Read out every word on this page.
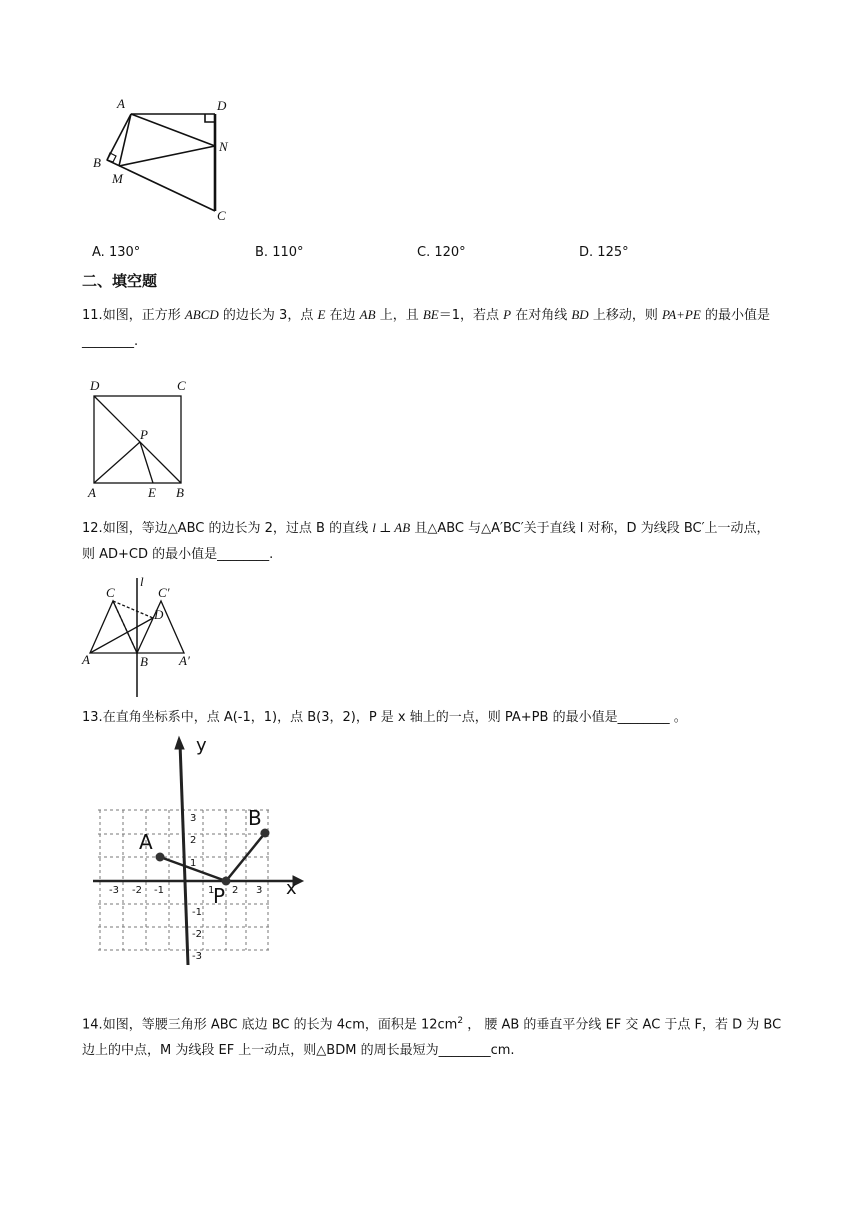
A	D
B
M
N
C
A. 130°	B. 110°	C. 120°	D. 125°
二、填空题
11.如图，正方形 ABCD 的边长为 3，点 E 在边 AB 上，且 BE＝1，若点 P 在对角线 BD 上移动，则 PA+PE 的最小值是________.
D	C
P
A	E B
12.如图，等边△ABC 的边长为 2，过点 B 的直线 l ⊥ AB 且△ABC 与△A′BC′关于直线 l 对称，D 为线段 BC′上一动点，则 AD+CD 的最小值是________.
l
C	C′
D
A	B A′
13.在直角坐标系中，点 A(-1，1)，点 B(3，2)，P 是 x 轴上的一点，则 PA+PB 的最小值是________ 。
y
x
A
B
P
-3 -2 -1	1 2 3
3
2
1
-1
-2
-3
14.如图，等腰三角形 ABC 底边 BC 的长为 4cm，面积是 $12cm^2$ ， 腰 AB 的垂直平分线 EF 交 AC 于点 F，若 D 为 BC 边上的中点，M 为线段 EF 上一动点，则△BDM 的周长最短为________cm.
